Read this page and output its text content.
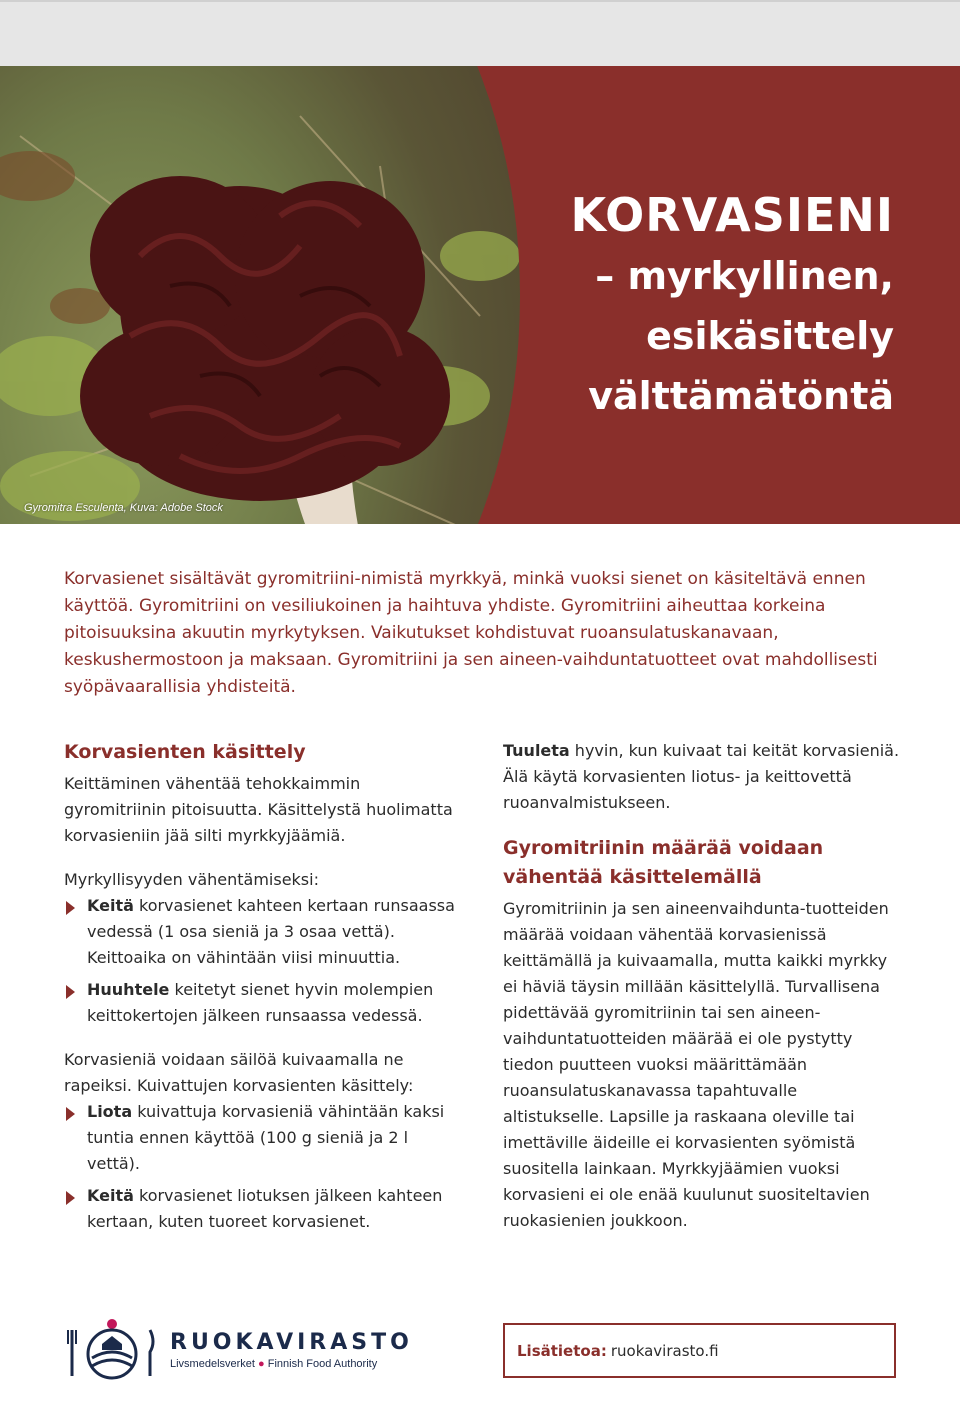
Gyromitra Esculenta, Kuva: Adobe Stock
KORVASIENI
– myrkyllinen,
esikäsittely
välttämätöntä
Korvasienet sisältävät gyromitriini-nimistä myrkkyä, minkä vuoksi sienet on käsiteltävä ennen käyttöä. Gyromitriini on vesiliukoinen ja haihtuva yhdiste. Gyromitriini aiheuttaa korkeina pitoisuuksina akuutin myrkytyksen. Vaikutukset kohdistuvat ruoansulatuskanavaan, keskushermostoon ja maksaan. Gyromitriini ja sen aineen-vaihduntatuotteet ovat mahdollisesti syöpävaarallisia yhdisteitä.
Korvasienten käsittely
Keittäminen vähentää tehokkaimmin gyromitriinin pitoisuutta. Käsittelystä huolimatta korvasieniin jää silti myrkkyjäämiä.
Myrkyllisyyden vähentämiseksi:
Keitä korvasienet kahteen kertaan runsaassa vedessä (1 osa sieniä ja 3 osaa vettä). Keittoaika on vähintään viisi minuuttia.
Huuhtele keitetyt sienet hyvin molempien keittokertojen jälkeen runsaassa vedessä.
Korvasieniä voidaan säilöä kuivaamalla ne rapeiksi. Kuivattujen korvasienten käsittely:
Liota kuivattuja korvasieniä vähintään kaksi tuntia ennen käyttöä (100 g sieniä ja 2 l vettä).
Keitä korvasienet liotuksen jälkeen kahteen kertaan, kuten tuoreet korvasienet.
Tuuleta hyvin, kun kuivaat tai keität korvasieniä. Älä käytä korvasienten liotus- ja keittovettä ruoanvalmistukseen.
Gyromitriinin määrää voidaan vähentää käsittelemällä
Gyromitriinin ja sen aineenvaihdunta-tuotteiden määrää voidaan vähentää korvasienissä keittämällä ja kuivaamalla, mutta kaikki myrkky ei häviä täysin millään käsittelyllä. Turvallisena pidettävää gyromitriinin tai sen aineen-vaihduntatuotteiden määrää ei ole pystytty tiedon puutteen vuoksi määrittämään ruoansulatuskanavassa tapahtuvalle altistukselle. Lapsille ja raskaana oleville tai imettäville äideille ei korvasienten syömistä suositella lainkaan. Myrkkyjäämien vuoksi korvasieni ei ole enää kuulunut suositeltavien ruokasienien joukkoon.
RUOKAVIRASTO
Livsmedelsverket ● Finnish Food Authority
Lisätietoa: ruokavirasto.fi
